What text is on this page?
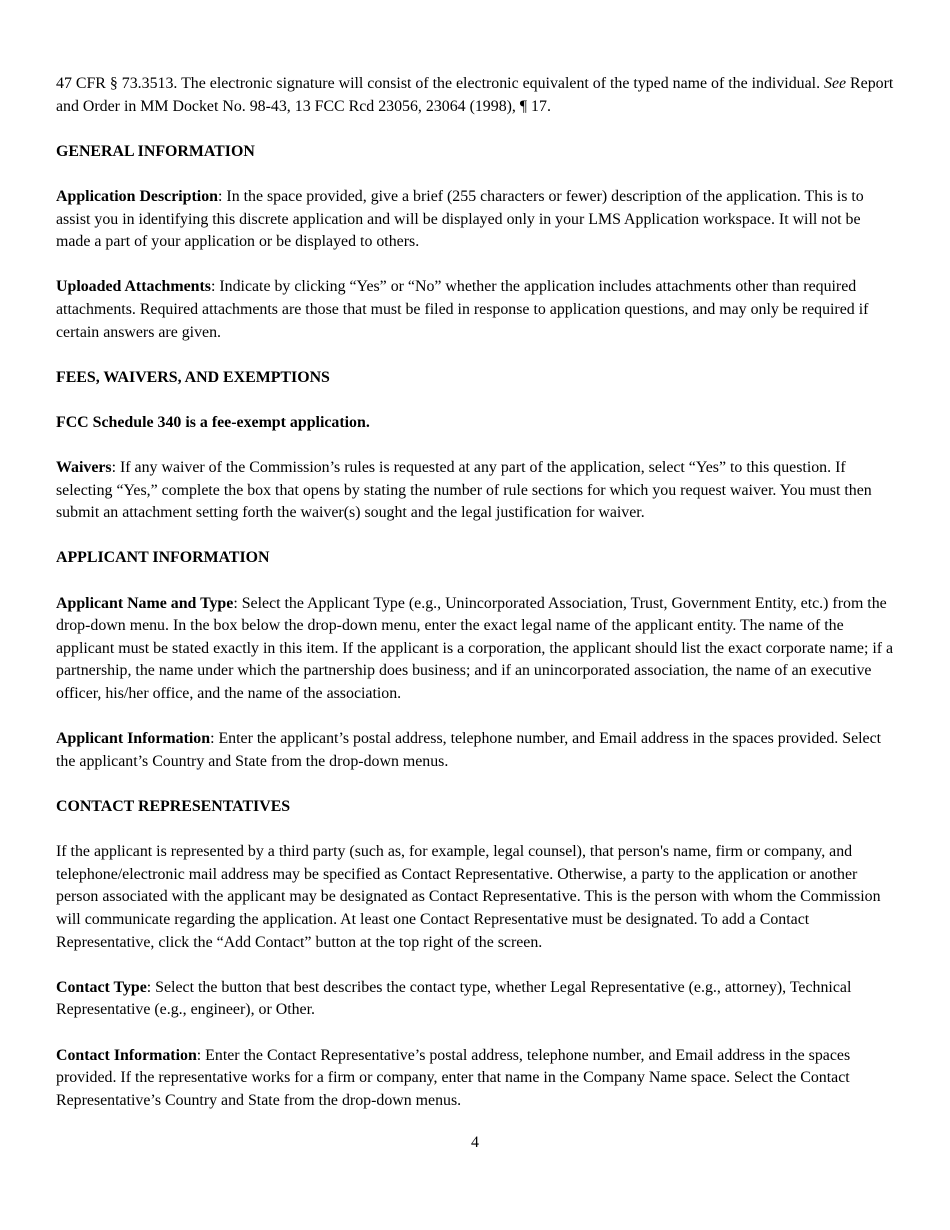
47 CFR § 73.3513. The electronic signature will consist of the electronic equivalent of the typed name of the individual. See Report and Order in MM Docket No. 98-43, 13 FCC Rcd 23056, 23064 (1998), ¶ 17.

GENERAL INFORMATION

Application Description: In the space provided, give a brief (255 characters or fewer) description of the application. This is to assist you in identifying this discrete application and will be displayed only in your LMS Application workspace. It will not be made a part of your application or be displayed to others.

Uploaded Attachments: Indicate by clicking “Yes” or “No” whether the application includes attachments other than required attachments. Required attachments are those that must be filed in response to application questions, and may only be required if certain answers are given.

FEES, WAIVERS, AND EXEMPTIONS

FCC Schedule 340 is a fee-exempt application.

Waivers: If any waiver of the Commission’s rules is requested at any part of the application, select “Yes” to this question. If selecting “Yes,” complete the box that opens by stating the number of rule sections for which you request waiver. You must then submit an attachment setting forth the waiver(s) sought and the legal justification for waiver.

APPLICANT INFORMATION

Applicant Name and Type: Select the Applicant Type (e.g., Unincorporated Association, Trust, Government Entity, etc.) from the drop-down menu. In the box below the drop-down menu, enter the exact legal name of the applicant entity. The name of the applicant must be stated exactly in this item. If the applicant is a corporation, the applicant should list the exact corporate name; if a partnership, the name under which the partnership does business; and if an unincorporated association, the name of an executive officer, his/her office, and the name of the association.

Applicant Information: Enter the applicant’s postal address, telephone number, and Email address in the spaces provided. Select the applicant’s Country and State from the drop-down menus.

CONTACT REPRESENTATIVES

If the applicant is represented by a third party (such as, for example, legal counsel), that person's name, firm or company, and telephone/electronic mail address may be specified as Contact Representative. Otherwise, a party to the application or another person associated with the applicant may be designated as Contact Representative. This is the person with whom the Commission will communicate regarding the application. At least one Contact Representative must be designated. To add a Contact Representative, click the “Add Contact” button at the top right of the screen.

Contact Type: Select the button that best describes the contact type, whether Legal Representative (e.g., attorney), Technical Representative (e.g., engineer), or Other.

Contact Information: Enter the Contact Representative’s postal address, telephone number, and Email address in the spaces provided. If the representative works for a firm or company, enter that name in the Company Name space. Select the Contact Representative’s Country and State from the drop-down menus.

4
